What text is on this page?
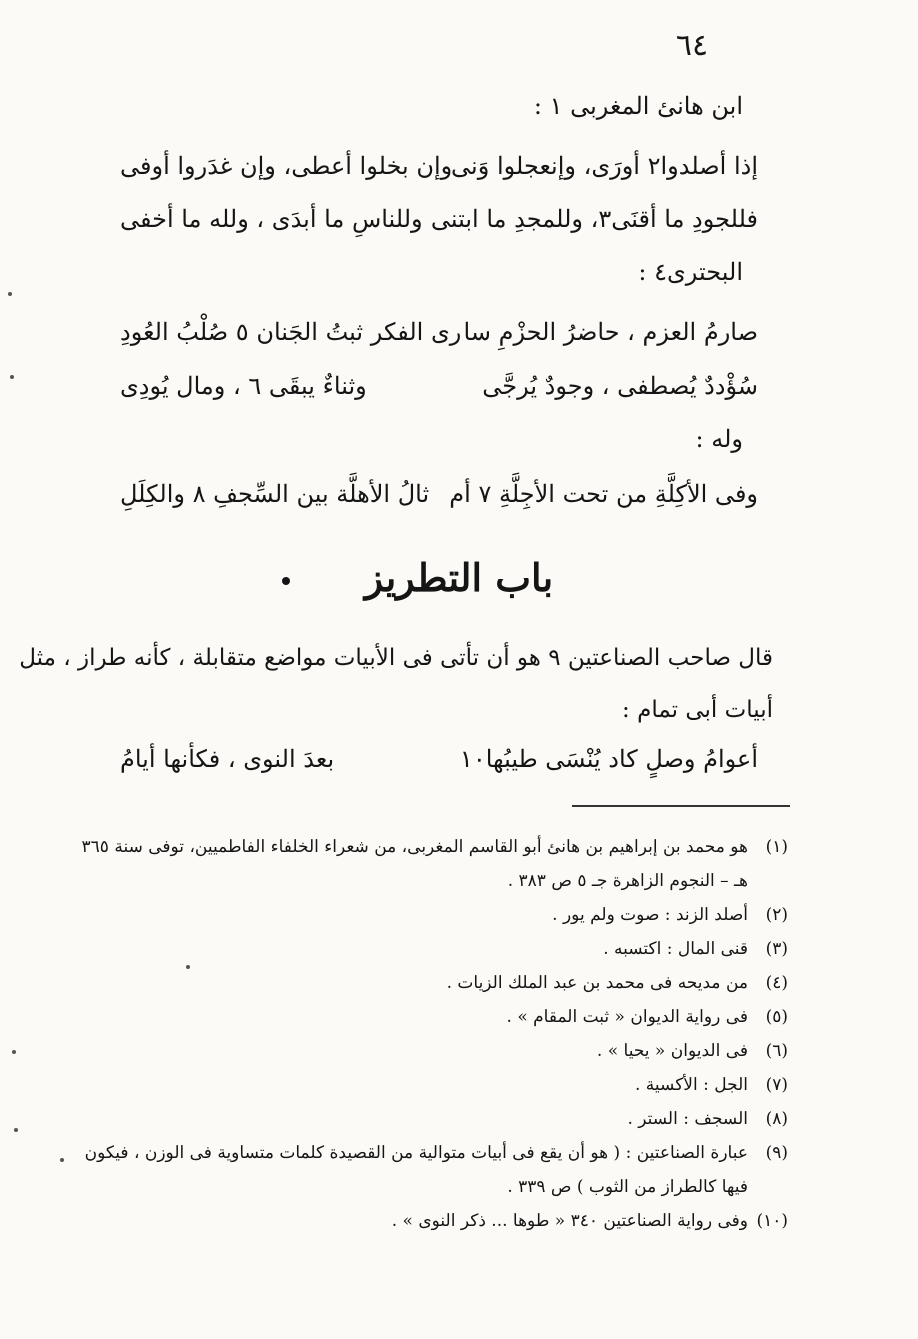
٦٤
ابن هانئ المغربى ١ :
إذا أصلدوا٢ أورَى، وإنعجلوا وَنى
وإن بخلوا أعطى، وإن غدَروا أوفى
فللجودِ ما أقنَى٣، وللمجدِ ما ابتنى
وللناسِ ما أبدَى ، ولله ما أخفى
البحترى٤ :
صارمُ العزم ، حاضرُ الحزْمِ سا
رى الفكر ثبتُ الجَنان ٥ صُلْبُ العُودِ
سُؤْددٌ يُصطفى ، وجودٌ يُرجَّى
وثناءٌ يبقَى ٦ ، ومال يُودِى
وله :
وفى الأكِلَّةِ من تحت الأجِلَّةِ ٧ أم
ثالُ الأهلَّة بين السِّجفِ ٨ والكِلَلِ
باب التطريز
قال صاحب الصناعتين ٩ هو أن تأتى فى الأبيات مواضع متقابلة ، كأنه طراز ، مثل
أبيات أبى تمام :
أعوامُ وصلٍ كاد يُنْسَى طيبُها١٠
بعدَ النوى ، فكأنها أيامُ
(١)
هو محمد بن إبراهيم بن هانئ أبو القاسم المغربى، من شعراء الخلفاء الفاطميين، توفى سنة ٣٦٥ هـ – النجوم الزاهرة جـ ٥ ص ٣٨٣ .
(٢)
أصلد الزند : صوت ولم يور .
(٣)
قنى المال : اكتسبه .
(٤)
من مديحه فى محمد بن عبد الملك الزيات .
(٥)
فى رواية الديوان « ثبت المقام » .
(٦)
فى الديوان « يحيا » .
(٧)
الجل : الأكسية .
(٨)
السجف : الستر .
(٩)
عبارة الصناعتين : ( هو أن يقع فى أبيات متوالية من القصيدة كلمات متساوية فى الوزن ، فيكون فيها كالطراز من الثوب ) ص ٣٣٩ .
(١٠)
وفى رواية الصناعتين ٣٤٠ « طوها ... ذكر النوى » .
